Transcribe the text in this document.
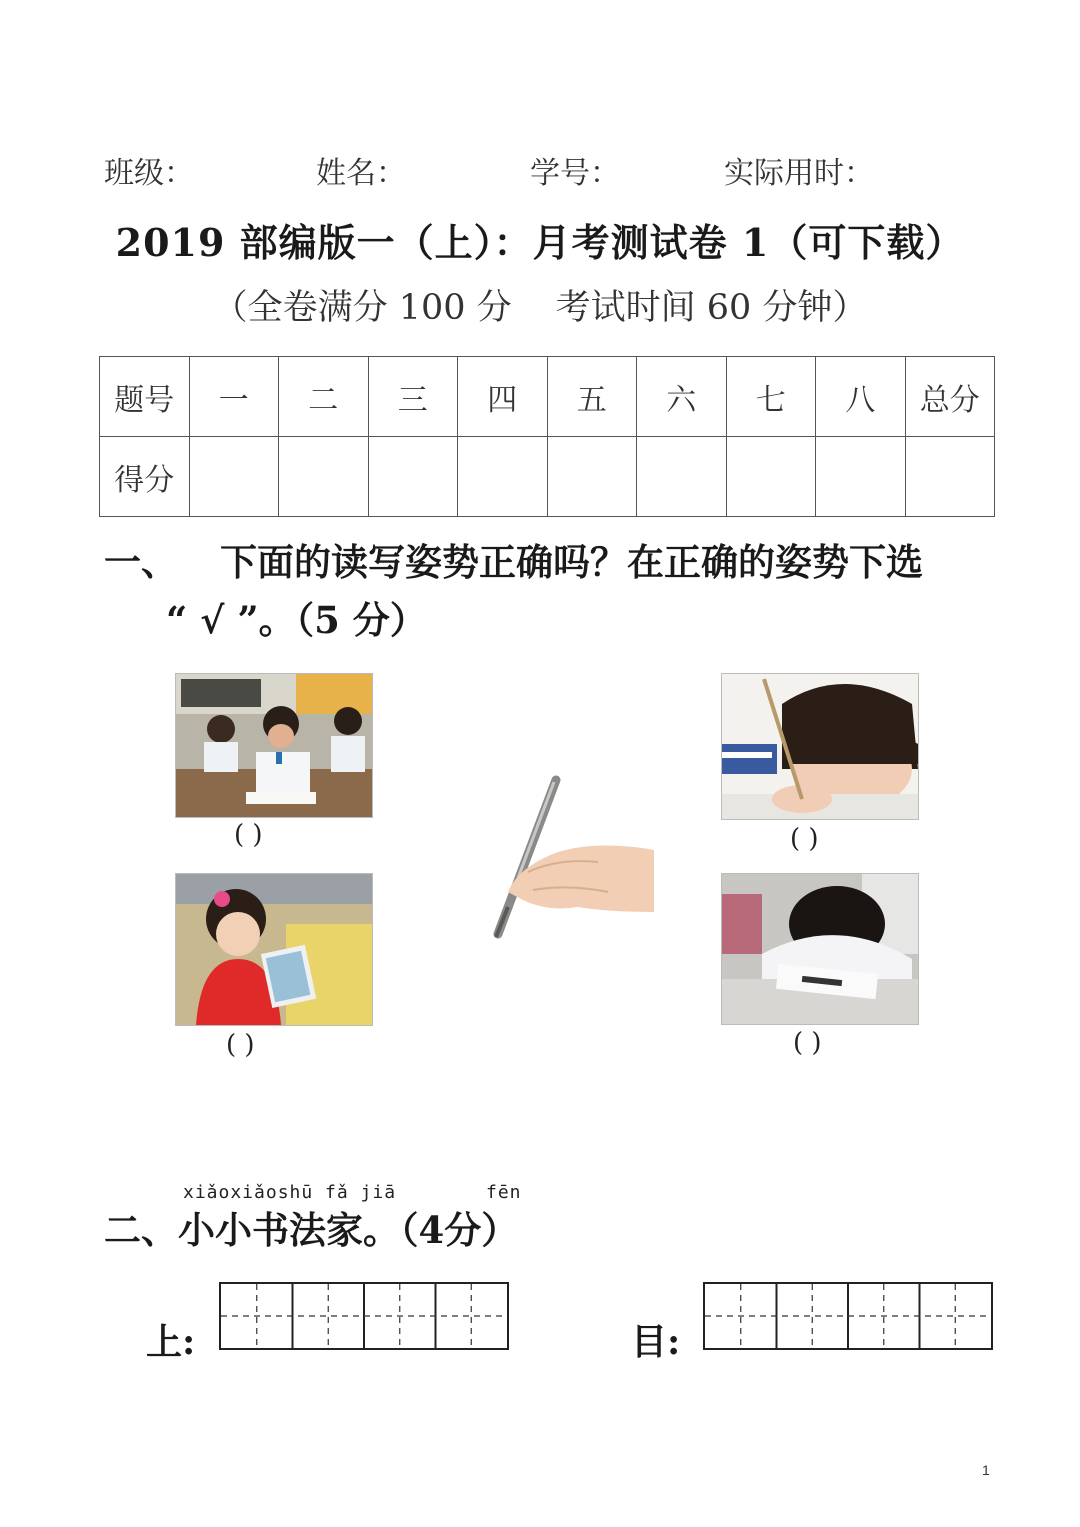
班级：	姓名：	学号：	实际用时：
2019 部编版一（上）：月考测试卷 1（可下载）
（全卷满分 100 分 考试时间 60 分钟）
题号	一	二	三	四	五	六	七	八	总分
得分									
一、 下面的读写姿势正确吗？在正确的姿势下选
“ √ ”。（5 分）
( )	( )
( )	( )
xiǎoxiǎoshū fǎ jiā	fēn
二、小小书法家。（4分）
上:	目:
1
